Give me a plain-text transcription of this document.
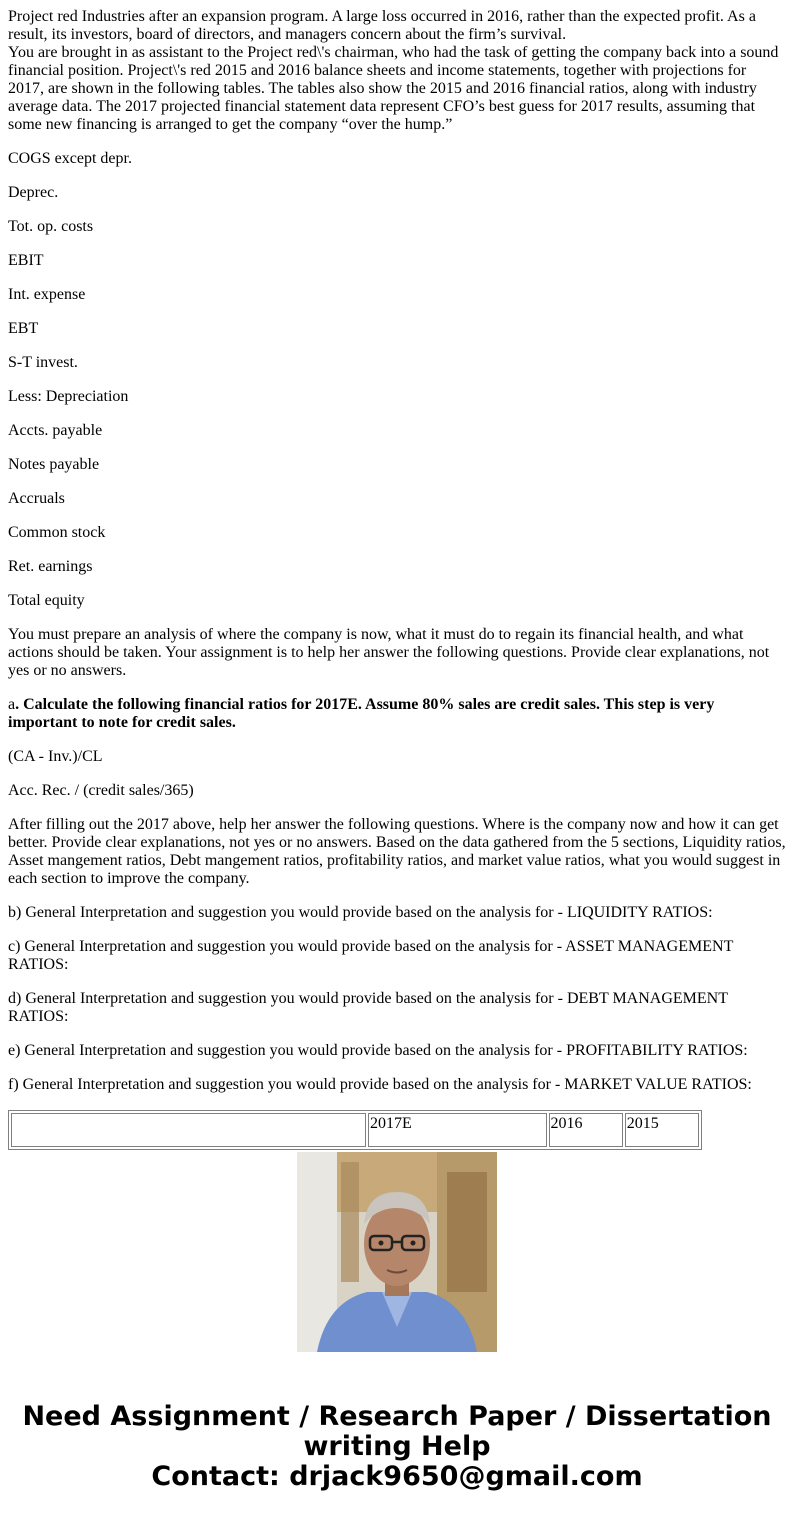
Project red Industries after an expansion program. A large loss occurred in 2016, rather than the expected profit. As a result, its investors, board of directors, and managers concern about the firm’s survival.

You are brought in as assistant to the Project red\'s chairman, who had the task of getting the company back into a sound financial position. Project\'s red 2015 and 2016 balance sheets and income statements, together with projections for 2017, are shown in the following tables. The tables also show the 2015 and 2016 financial ratios, along with industry average data. The 2017 projected financial statement data represent CFO’s best guess for 2017 results, assuming that some new financing is arranged to get the company “over the hump.”

COGS except depr.

Deprec.

Tot. op. costs

EBIT

Int. expense

EBT

S-T invest.

Less: Depreciation

Accts. payable

Notes payable

Accruals

Common stock

Ret. earnings

Total equity

You must prepare an analysis of where the company is now, what it must do to regain its financial health, and what actions should be taken. Your assignment is to help her answer the following questions. Provide clear explanations, not yes or no answers.

a. Calculate the following financial ratios for 2017E. Assume 80% sales are credit sales. This step is very important to note for credit sales.

(CA - Inv.)/CL

Acc. Rec. / (credit sales/365)

After filling out the 2017 above, help her answer the following questions. Where is the company now and how it can get better. Provide clear explanations, not yes or no answers. Based on the data gathered from the 5 sections, Liquidity ratios, Asset mangement ratios, Debt mangement ratios, profitability ratios, and market value ratios, what you would suggest in each section to improve the company.

b) General Interpretation and suggestion you would provide based on the analysis for - LIQUIDITY RATIOS:

c) General Interpretation and suggestion you would provide based on the analysis for - ASSET MANAGEMENT RATIOS:

d) General Interpretation and suggestion you would provide based on the analysis for - DEBT MANAGEMENT RATIOS:

e) General Interpretation and suggestion you would provide based on the analysis for - PROFITABILITY RATIOS:

f) General Interpretation and suggestion you would provide based on the analysis for - MARKET VALUE RATIOS:

	2017E	2016	2015
Need Assignment / Research Paper / Dissertation
writing Help
Contact: drjack9650@gmail.com
